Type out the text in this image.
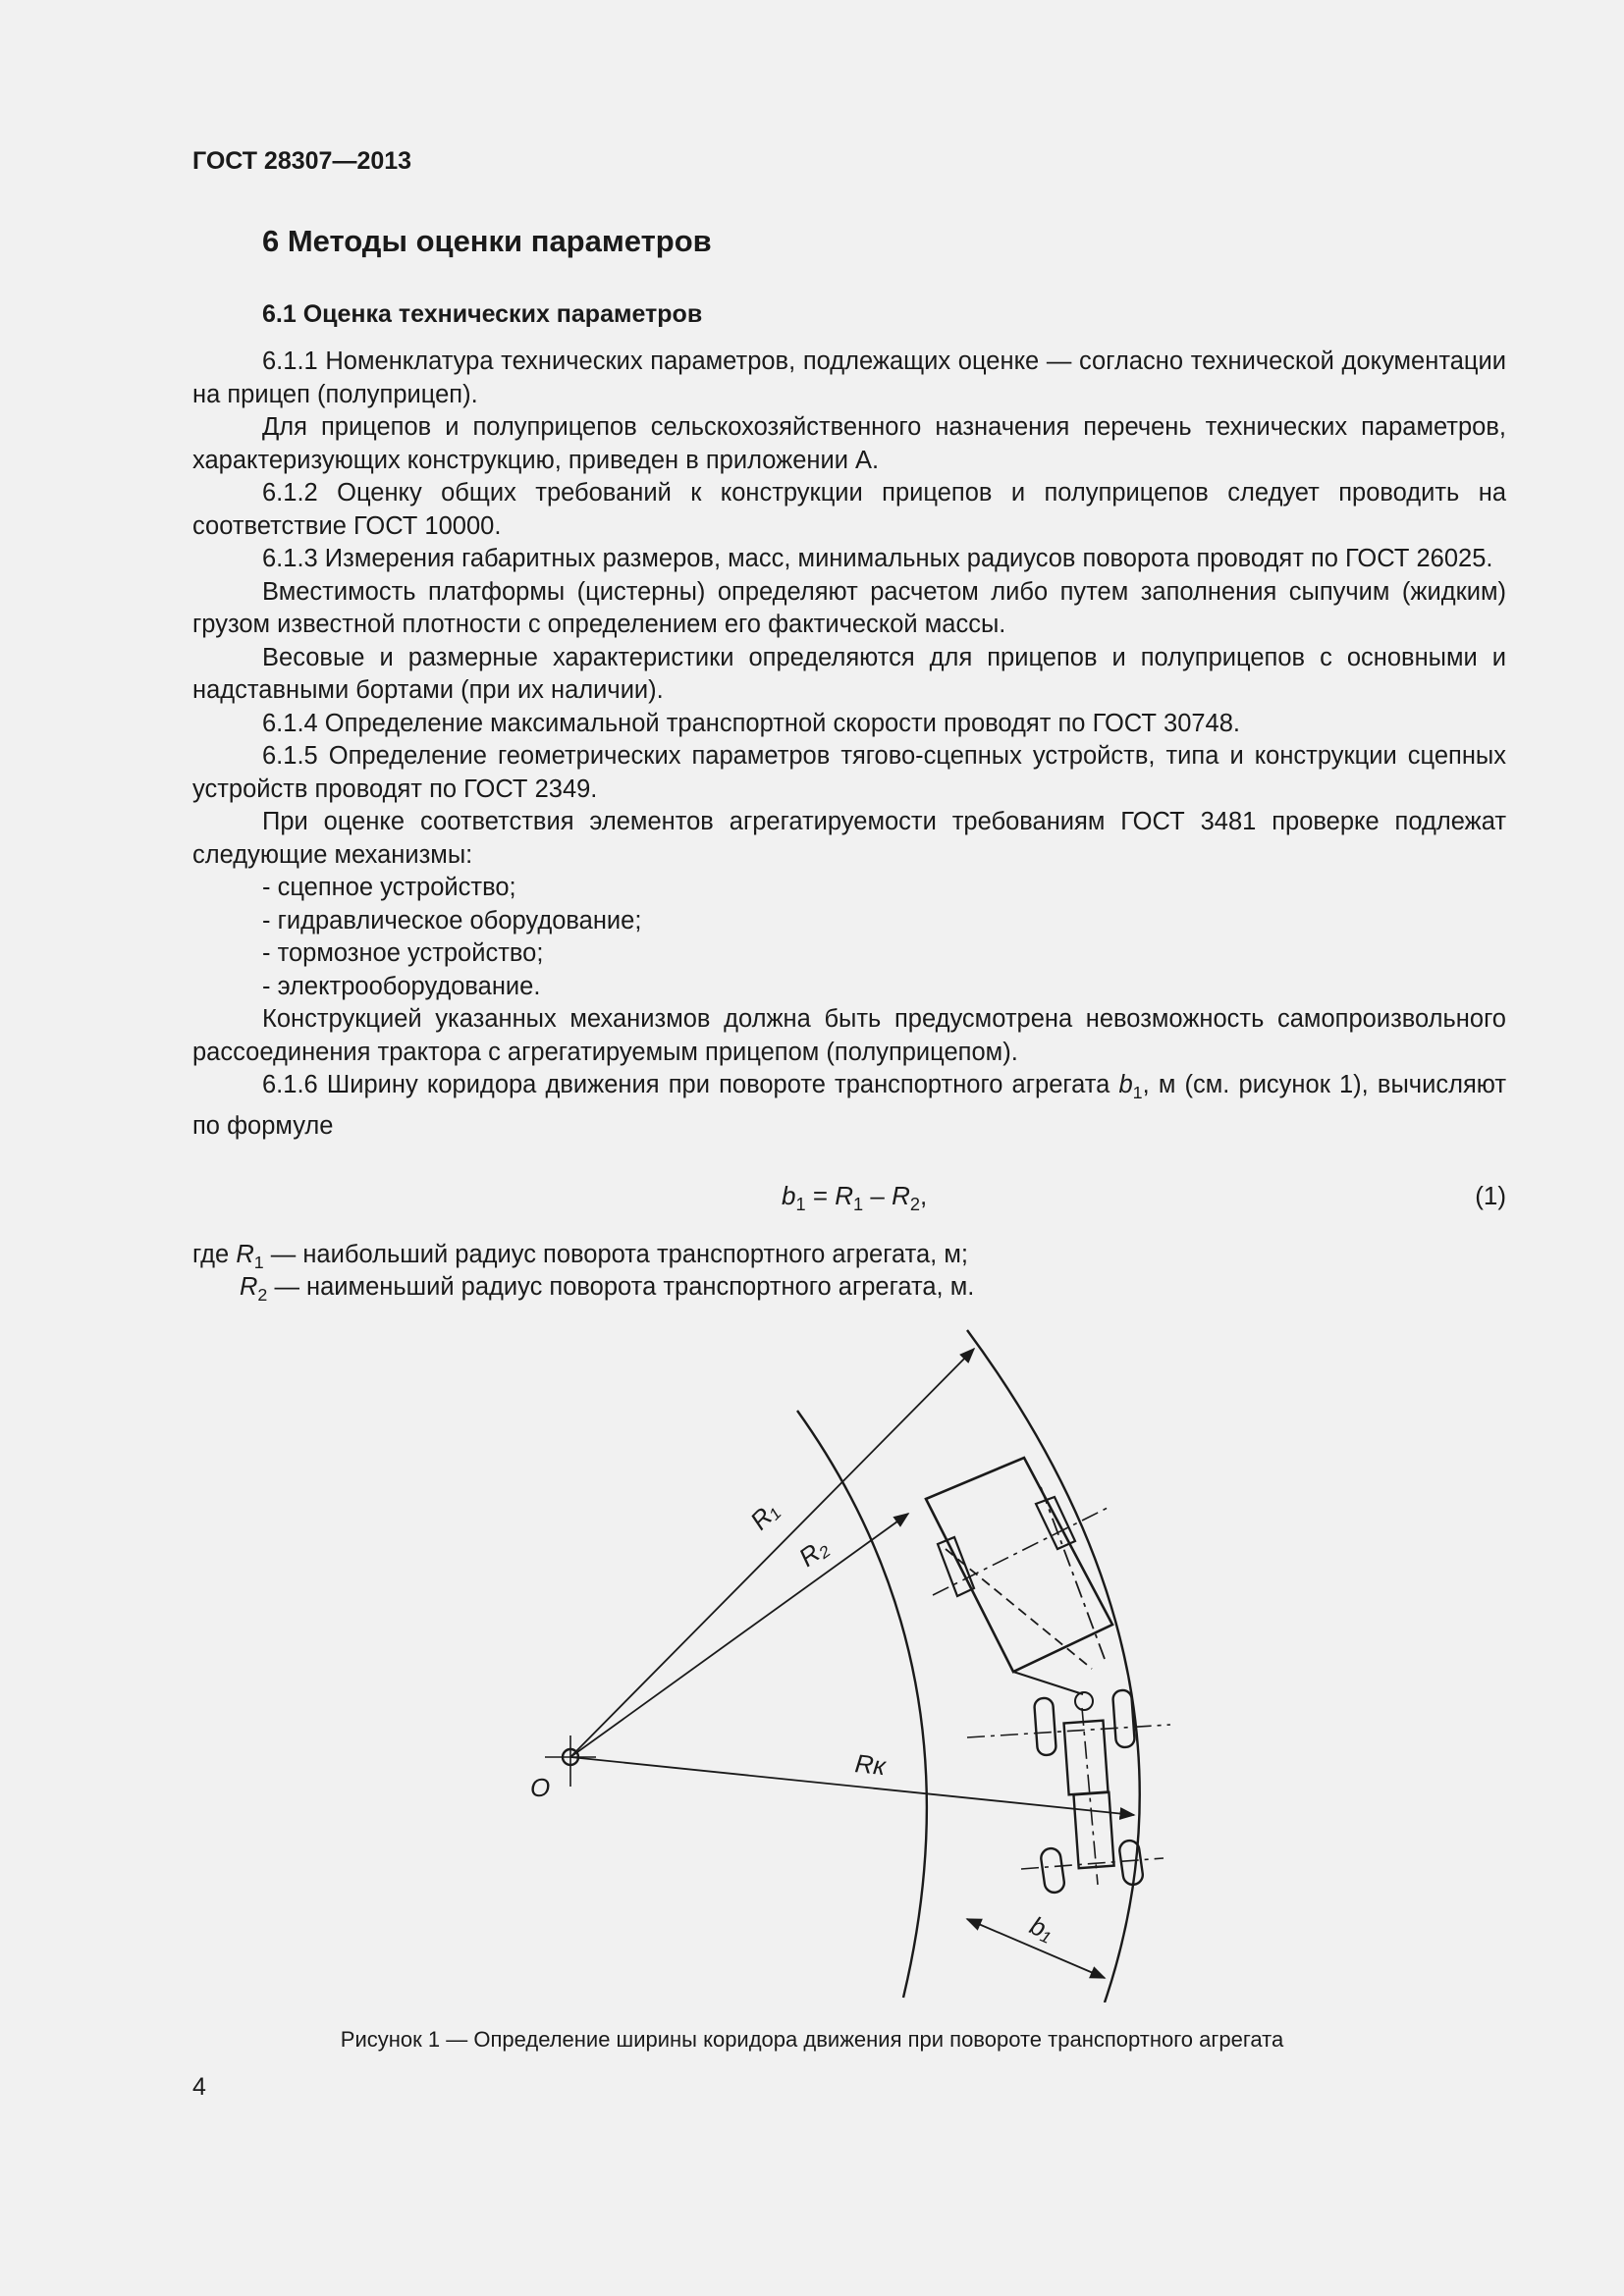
ГОСТ 28307—2013
6 Методы оценки параметров
6.1 Оценка технических параметров

6.1.1 Номенклатура технических параметров, подлежащих оценке — согласно технической документации на прицеп (полуприцеп).

Для прицепов и полуприцепов сельскохозяйственного назначения перечень технических параметров, характеризующих конструкцию, приведен в приложении А.

6.1.2 Оценку общих требований к конструкции прицепов и полуприцепов следует проводить на соответствие ГОСТ 10000.

6.1.3 Измерения габаритных размеров, масс, минимальных радиусов поворота проводят по ГОСТ 26025.

Вместимость платформы (цистерны) определяют расчетом либо путем заполнения сыпучим (жидким) грузом известной плотности с определением его фактической массы.

Весовые и размерные характеристики определяются для прицепов и полуприцепов с основными и надставными бортами (при их наличии).

6.1.4 Определение максимальной транспортной скорости проводят по ГОСТ 30748.

6.1.5 Определение геометрических параметров тягово-сцепных устройств, типа и конструкции сцепных устройств проводят по ГОСТ 2349.

При оценке соответствия элементов агрегатируемости требованиям ГОСТ 3481 проверке подлежат следующие механизмы:

- сцепное устройство;

- гидравлическое оборудование;

- тормозное устройство;

- электрооборудование.

Конструкцией указанных механизмов должна быть предусмотрена невозможность самопроизвольного рассоединения трактора с агрегатируемым прицепом (полуприцепом).

6.1.6 Ширину коридора движения при повороте транспортного агрегата $b_1$, м (см. рисунок 1), вычисляют по формуле

$b_1 = R_1 - R_2$,	(1)
где $R_1$ — наибольший радиус поворота транспортного агрегата, м;
$R_2$ — наименьший радиус поворота транспортного агрегата, м.
O
R₁
R₂
Rк
b₁
Рисунок 1 — Определение ширины коридора движения при повороте транспортного агрегата
4
